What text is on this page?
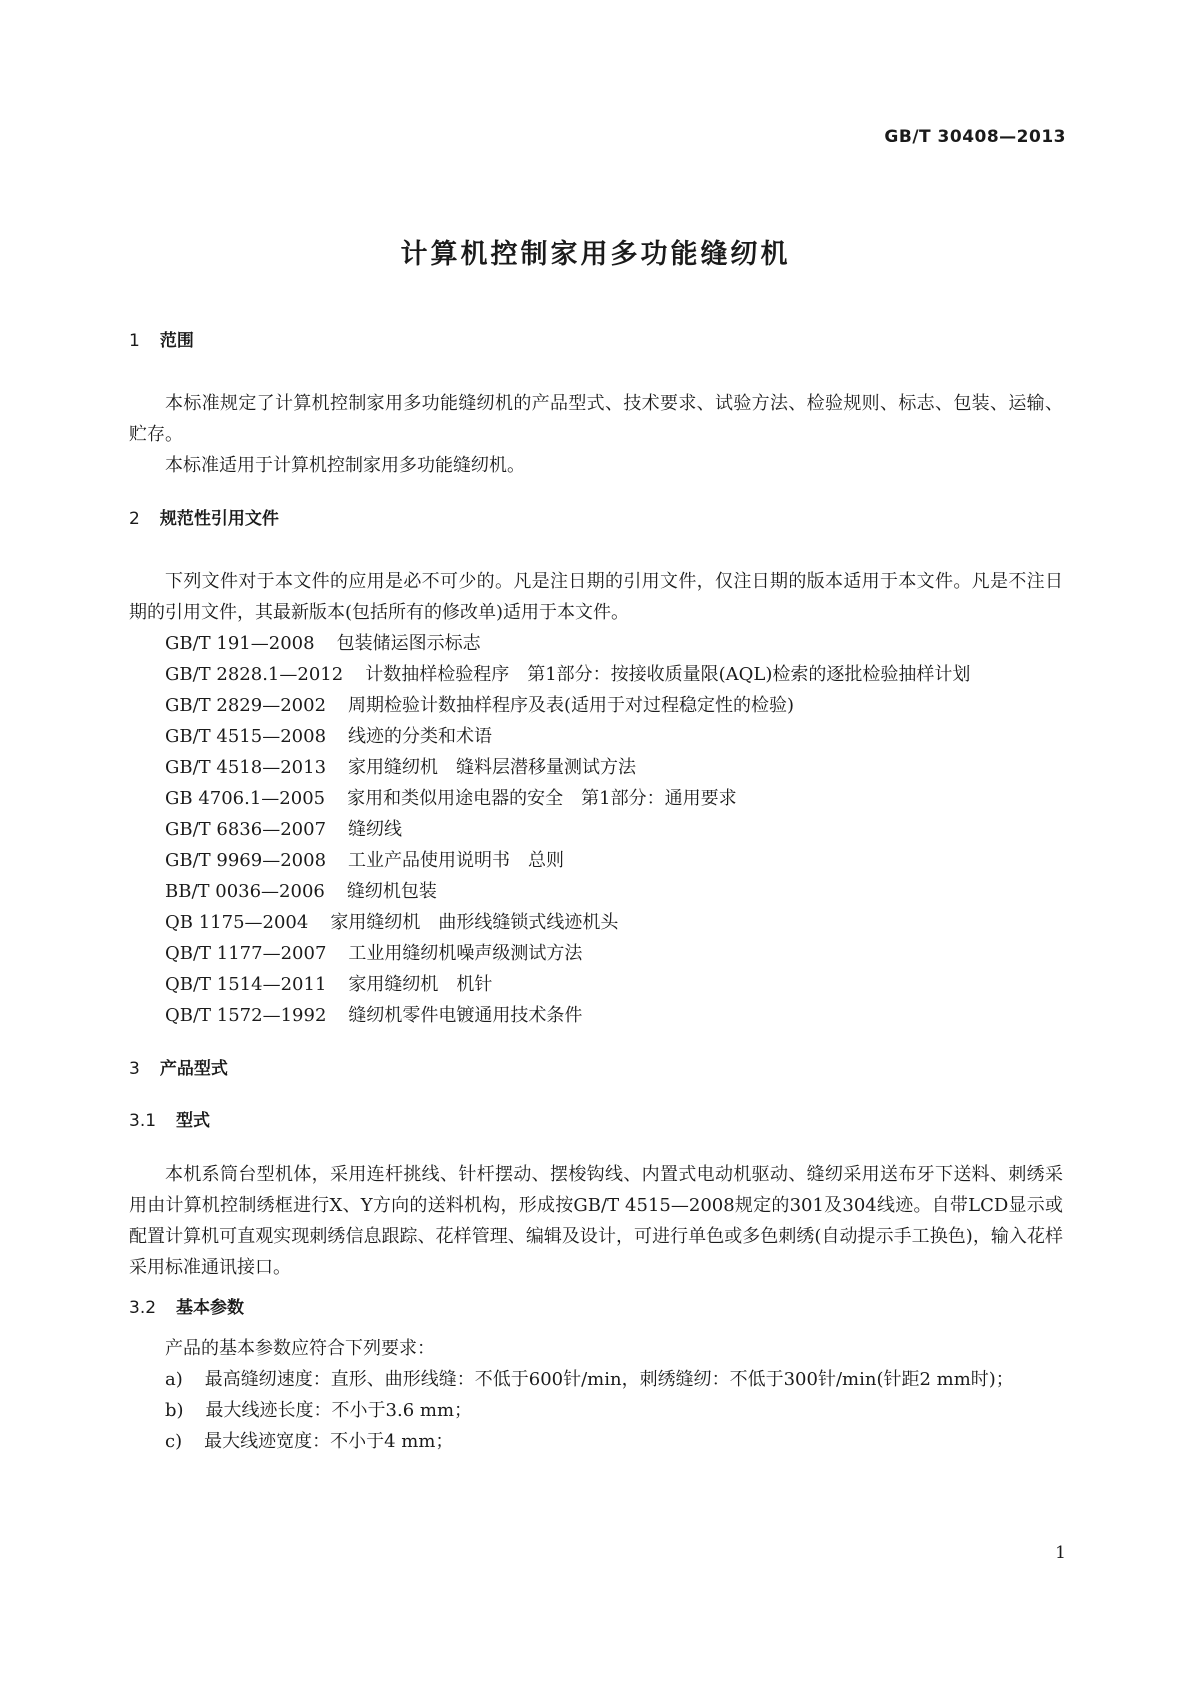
GB/T 30408—2013
计算机控制家用多功能缝纫机
1 范围

本标准规定了计算机控制家用多功能缝纫机的产品型式、技术要求、试验方法、检验规则、标志、包装、运输、贮存。

本标准适用于计算机控制家用多功能缝纫机。

2 规范性引用文件

下列文件对于本文件的应用是必不可少的。凡是注日期的引用文件，仅注日期的版本适用于本文件。凡是不注日期的引用文件，其最新版本(包括所有的修改单)适用于本文件。

GB/T 191—2008 包装储运图示标志
GB/T 2828.1—2012 计数抽样检验程序　第1部分：按接收质量限(AQL)检索的逐批检验抽样计划
GB/T 2829—2002 周期检验计数抽样程序及表(适用于对过程稳定性的检验)
GB/T 4515—2008 线迹的分类和术语
GB/T 4518—2013 家用缝纫机　缝料层潜移量测试方法
GB 4706.1—2005 家用和类似用途电器的安全　第1部分：通用要求
GB/T 6836—2007 缝纫线
GB/T 9969—2008 工业产品使用说明书　总则
BB/T 0036—2006 缝纫机包装
QB 1175—2004 家用缝纫机　曲形线缝锁式线迹机头
QB/T 1177—2007 工业用缝纫机噪声级测试方法
QB/T 1514—2011 家用缝纫机　机针
QB/T 1572—1992 缝纫机零件电镀通用技术条件
3 产品型式
3.1 型式

本机系筒台型机体，采用连杆挑线、针杆摆动、摆梭钩线、内置式电动机驱动、缝纫采用送布牙下送料、刺绣采用由计算机控制绣框进行X、Y方向的送料机构，形成按GB/T 4515—2008规定的301及304线迹。自带LCD显示或配置计算机可直观实现刺绣信息跟踪、花样管理、编辑及设计，可进行单色或多色刺绣(自动提示手工换色)，输入花样采用标准通讯接口。

3.2 基本参数

产品的基本参数应符合下列要求：

a) 最高缝纫速度：直形、曲形线缝：不低于600针/min，刺绣缝纫：不低于300针/min(针距2 mm时)；
b) 最大线迹长度：不小于3.6 mm；
c) 最大线迹宽度：不小于4 mm；
1
